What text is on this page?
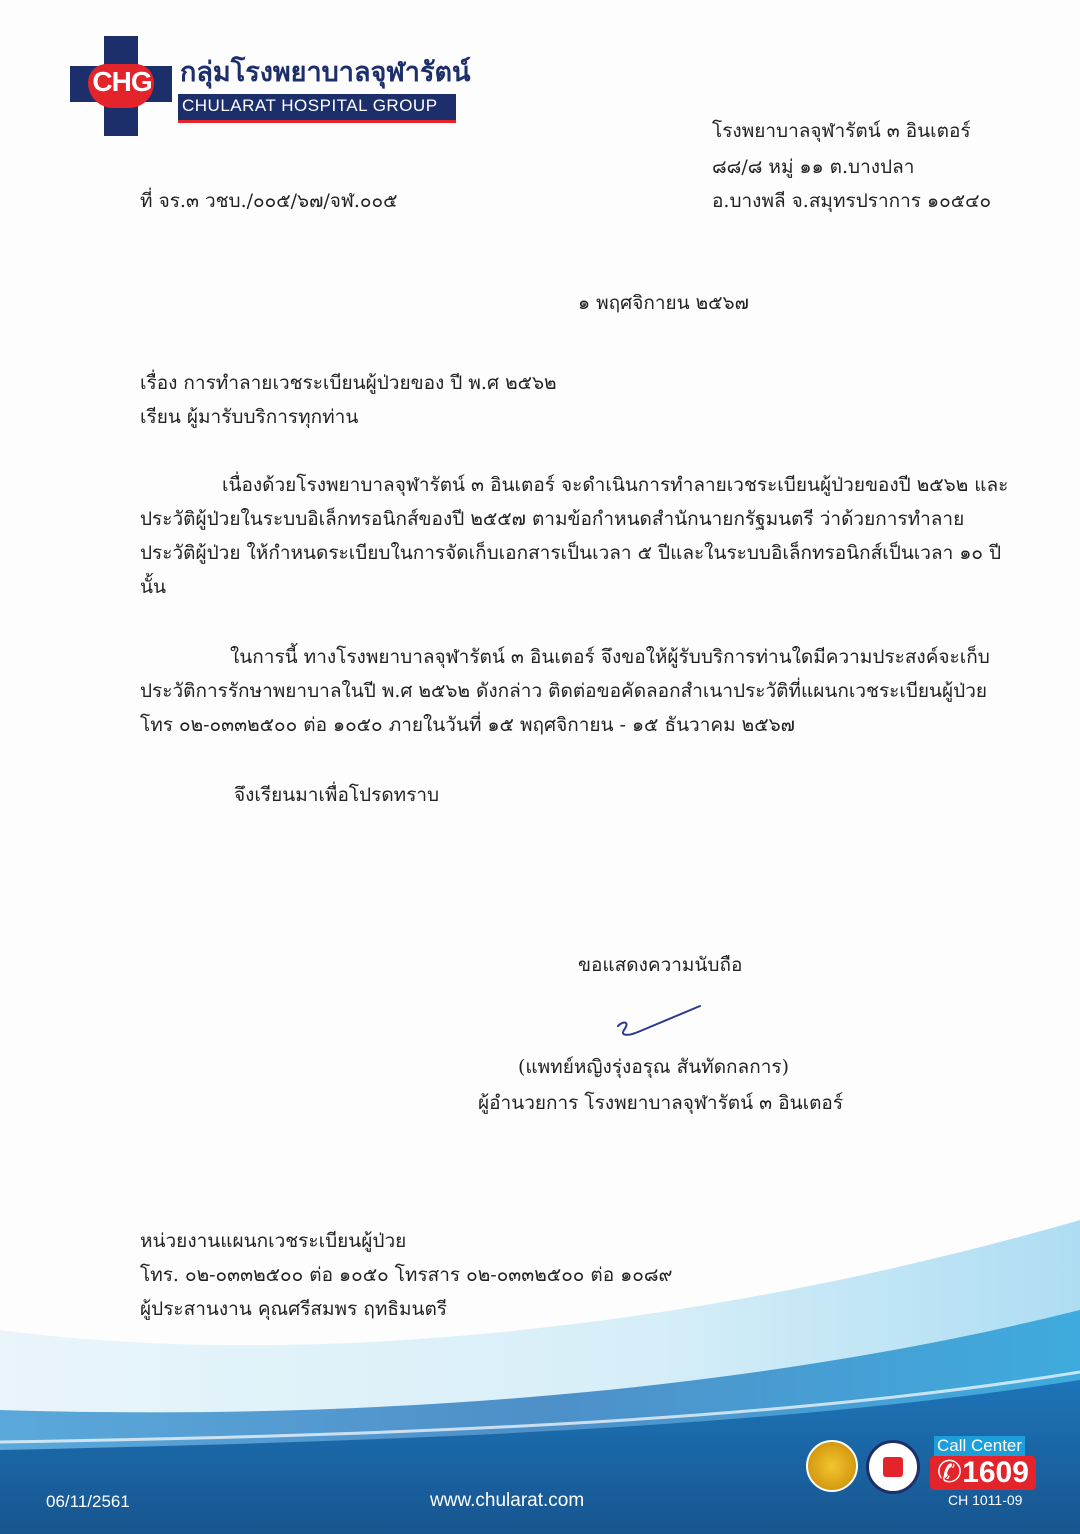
CHG	กลุ่มโรงพยาบาลจุฬารัตน์
CHULARAT HOSPITAL GROUP
โรงพยาบาลจุฬารัตน์ ๓ อินเตอร์
๘๘/๘ หมู่ ๑๑ ต.บางปลา
อ.บางพลี จ.สมุทรปราการ ๑๐๕๔๐
ที่ จร.๓ วชบ./๐๐๕/๖๗/จฬ.๐๐๕
๑ พฤศจิกายน ๒๕๖๗
เรื่อง การทำลายเวชระเบียนผู้ป่วยของ ปี พ.ศ ๒๕๖๒
เรียน ผู้มารับบริการทุกท่าน
เนื่องด้วยโรงพยาบาลจุฬารัตน์ ๓ อินเตอร์ จะดำเนินการทำลายเวชระเบียนผู้ป่วยของปี ๒๕๖๒ และ
ประวัติผู้ป่วยในระบบอิเล็กทรอนิกส์ของปี ๒๕๕๗ ตามข้อกำหนดสำนักนายกรัฐมนตรี ว่าด้วยการทำลาย
ประวัติผู้ป่วย ให้กำหนดระเบียบในการจัดเก็บเอกสารเป็นเวลา ๕ ปีและในระบบอิเล็กทรอนิกส์เป็นเวลา ๑๐ ปี
นั้น
ในการนี้ ทางโรงพยาบาลจุฬารัตน์ ๓ อินเตอร์ จึงขอให้ผู้รับบริการท่านใดมีความประสงค์จะเก็บ
ประวัติการรักษาพยาบาลในปี พ.ศ ๒๕๖๒ ดังกล่าว ติดต่อขอคัดลอกสำเนาประวัติที่แผนกเวชระเบียนผู้ป่วย
โทร ๐๒-๐๓๓๒๕๐๐ ต่อ ๑๐๕๐ ภายในวันที่ ๑๕ พฤศจิกายน - ๑๕ ธันวาคม ๒๕๖๗
จึงเรียนมาเพื่อโปรดทราบ
ขอแสดงความนับถือ
(แพทย์หญิงรุ่งอรุณ สันทัดกลการ)
ผู้อำนวยการ โรงพยาบาลจุฬารัตน์ ๓ อินเตอร์
หน่วยงานแผนกเวชระเบียนผู้ป่วย
โทร. ๐๒-๐๓๓๒๕๐๐ ต่อ ๑๐๕๐ โทรสาร ๐๒-๐๓๓๒๕๐๐ ต่อ ๑๐๘๙
ผู้ประสานงาน คุณศรีสมพร ฤทธิมนตรี
06/11/2561	www.chularat.com
Call Center
✆1609
CH 1011-09
